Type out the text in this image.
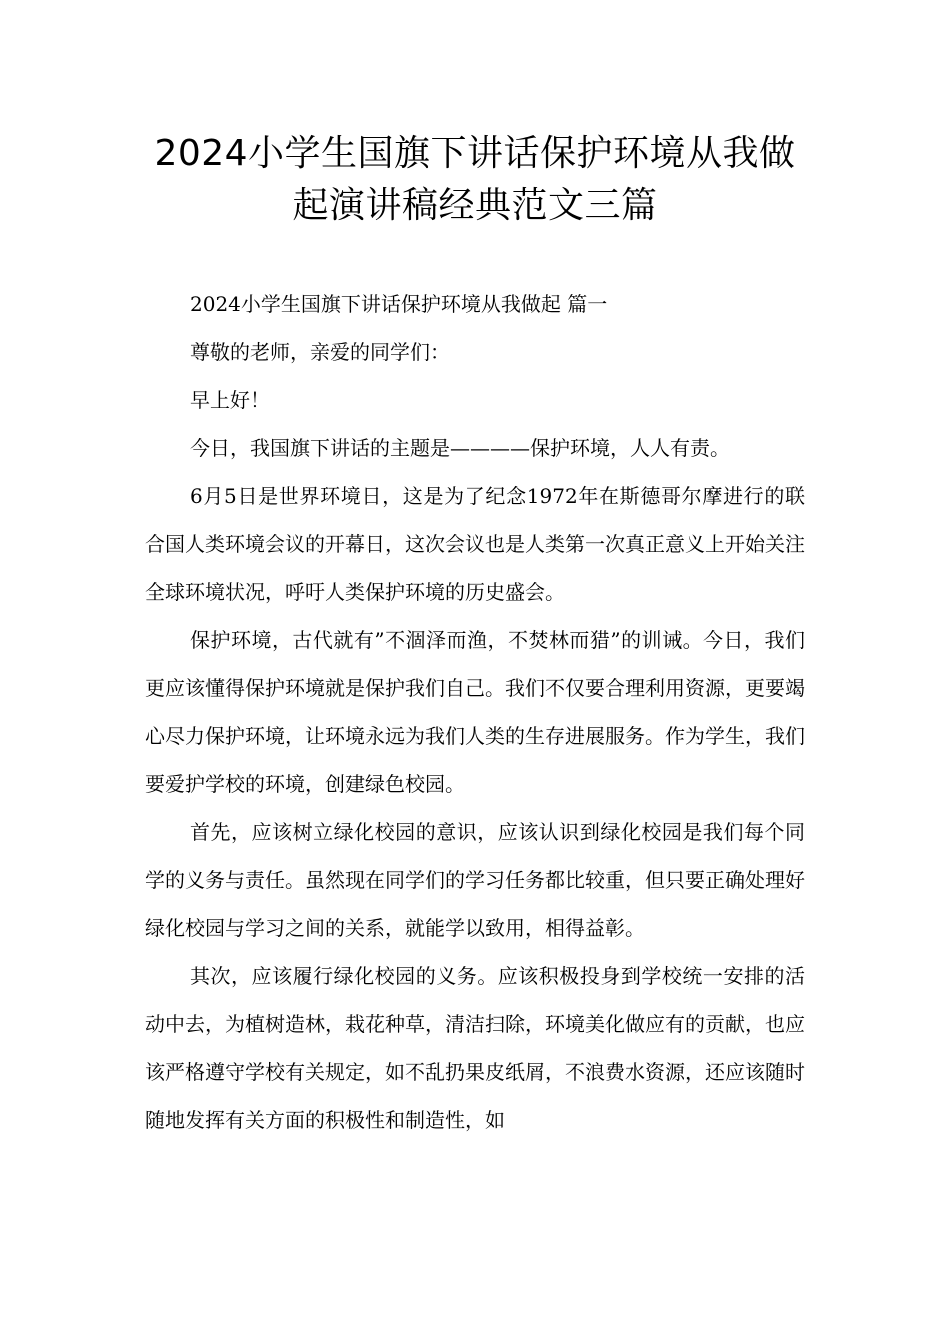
2024小学生国旗下讲话保护环境从我做
起演讲稿经典范文三篇

2024小学生国旗下讲话保护环境从我做起 篇一

尊敬的老师，亲爱的同学们：

早上好！

今日，我国旗下讲话的主题是————保护环境，人人有责。

6月5日是世界环境日，这是为了纪念1972年在斯德哥尔摩进行的联合国人类环境会议的开幕日，这次会议也是人类第一次真正意义上开始关注全球环境状况，呼吁人类保护环境的历史盛会。

保护环境，古代就有”不涸泽而渔，不焚林而猎”的训诫。今日，我们更应该懂得保护环境就是保护我们自己。我们不仅要合理利用资源，更要竭心尽力保护环境，让环境永远为我们人类的生存进展服务。作为学生，我们要爱护学校的环境，创建绿色校园。

首先，应该树立绿化校园的意识，应该认识到绿化校园是我们每个同学的义务与责任。虽然现在同学们的学习任务都比较重，但只要正确处理好绿化校园与学习之间的关系，就能学以致用，相得益彰。

其次，应该履行绿化校园的义务。应该积极投身到学校统一安排的活动中去，为植树造林，栽花种草，清洁扫除，环境美化做应有的贡献，也应该严格遵守学校有关规定，如不乱扔果皮纸屑，不浪费水资源，还应该随时随地发挥有关方面的积极性和制造性，如
